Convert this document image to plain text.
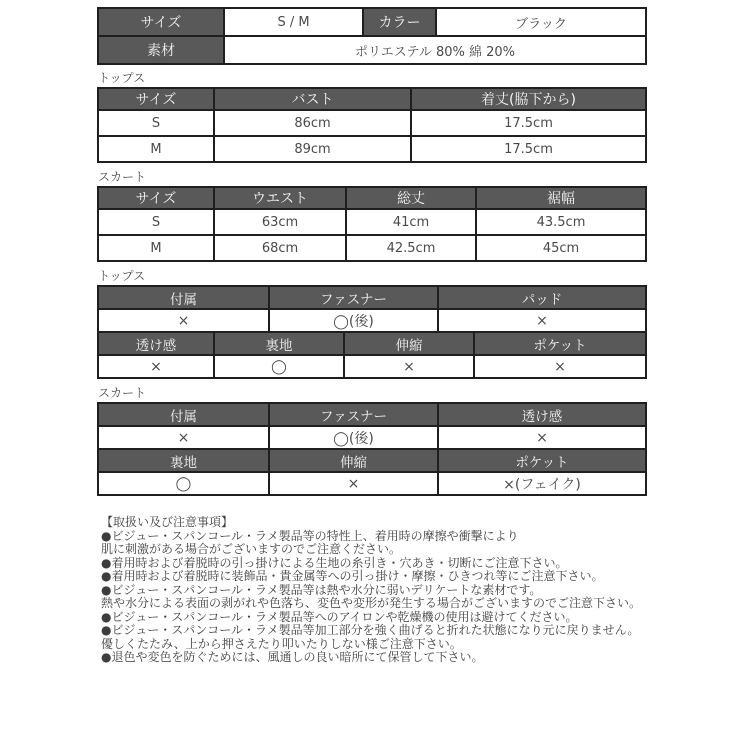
サイズ	S / M	カラー	ブラック
素材	ポリエステル 80% 綿 20%		
トップス
サイズ	バスト	着丈(脇下から)
S	86cm	17.5cm
M	89cm	17.5cm
スカート
サイズ	ウエスト	総丈	裾幅
S	63cm	41cm	43.5cm
M	68cm	42.5cm	45cm
トップス
付属	ファスナー	パッド
×	◯(後)	×
透け感	裏地	伸縮	ポケット
×	◯	×	×
スカート
付属	ファスナー	透け感
×	◯(後)	×
裏地	伸縮	ポケット
◯	×	×(フェイク)
【取扱い及び注意事項】
●ビジュー・スパンコール・ラメ製品等の特性上、着用時の摩擦や衝撃により
肌に刺激がある場合がございますのでご注意ください。
●着用時および着脱時の引っ掛けによる生地の糸引き・穴あき・切断にご注意下さい。
●着用時および着脱時に装飾品・貴金属等への引っ掛け・摩擦・ひきつれ等にご注意下さい。
●ビジュー・スパンコール・ラメ製品等は熱や水分に弱いデリケートな素材です。
熱や水分による表面の剥がれや色落ち、変色や変形が発生する場合がございますのでご注意下さい。
●ビジュー・スパンコール・ラメ製品等へのアイロンや乾燥機の使用は避けてください。
●ビジュー・スパンコール・ラメ製品等加工部分を強く曲げると折れた状態になり元に戻りません。
優しくたたみ、上から押さえたり叩いたりしない様ご注意下さい。
●退色や変色を防ぐためには、風通しの良い暗所にて保管して下さい。
